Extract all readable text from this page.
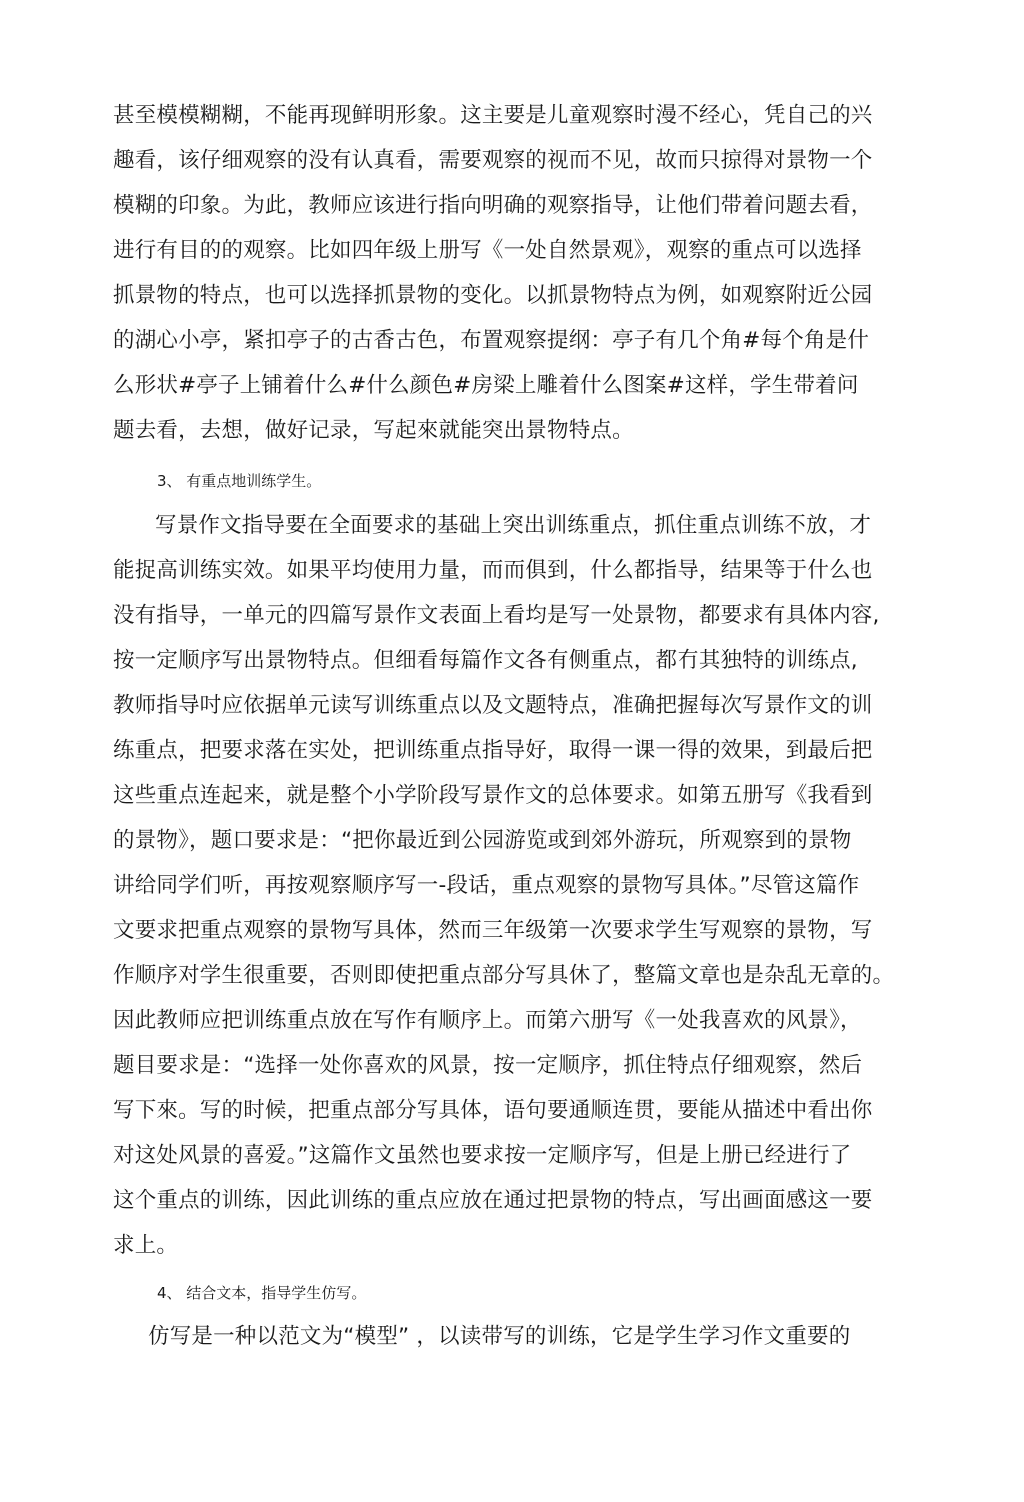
甚至模模糊糊，不能再现鲜明形象。这主要是儿童观察时漫不经心，凭自己的兴
趣看，该仔细观察的没有认真看，需要观察的视而不见，故而只掠得对景物一个
模糊的印象。为此，教师应该进行指向明确的观察指导，让他们带着问题去看，
进行有目的的观察。比如四年级上册写《一处自然景观》，观察的重点可以选择
抓景物的特点，也可以选择抓景物的变化。以抓景物特点为例，如观察附近公园
的湖心小亭，紧扣亭子的古香古色，布置观察提纲：亭子有几个角#每个角是什
么形状#亭子上铺着什么#什么颜色#房梁上雕着什么图案#这样，学生带着问
题去看，去想，做好记录，写起來就能突出景物特点。
3、 有重点地训练学生。
写景作文指导要在全面要求的基础上突出训练重点，抓住重点训练不放，才
能捉高训练实效。如果平均使用力量，而而俱到，什么都指导，结果等于什么也
没有指导，一单元的四篇写景作文表面上看均是写一处景物，都要求有具体内容,
按一定顺序写出景物特点。但细看每篇作文各有侧重点，都冇其独特的训练点,
教师指导吋应依据单元读写训练重点以及文题特点，准确把握每次写景作文的训
练重点，把要求落在实处，把训练重点指导好，取得一课一得的效果，到最后把
这些重点连起来，就是整个小学阶段写景作文的总体要求。如第五册写《我看到
的景物》，题口要求是：“把你最近到公园游览或到郊外游玩，所观察到的景物
讲给同学们听，再按观察顺序写一-段话，重点观察的景物写具体。”尽管这篇作
文要求把重点观察的景物写具体，然而三年级第一次要求学生写观察的景物，写
作顺序对学生很重要，否则即使把重点部分写具休了，整篇文章也是杂乱无章的。
因此教师应把训练重点放在写作有顺序上。而第六册写《一处我喜欢的风景》，
题目要求是：“选择一处你喜欢的风景，按一定顺序，抓住特点仔细观察，然后
写下來。写的时候，把重点部分写具体，语句要通顺连贯，要能从描述中看出你
对这处风景的喜爱。”这篇作文虽然也要求按一定顺序写，但是上册已经进行了
这个重点的训练，因此训练的重点应放在通过把景物的特点，写出画面感这一要
求上。
4、 结合文本，指导学生仿写。
仿写是一种以范文为“模型” ，以读带写的训练，它是学生学习作文重要的
